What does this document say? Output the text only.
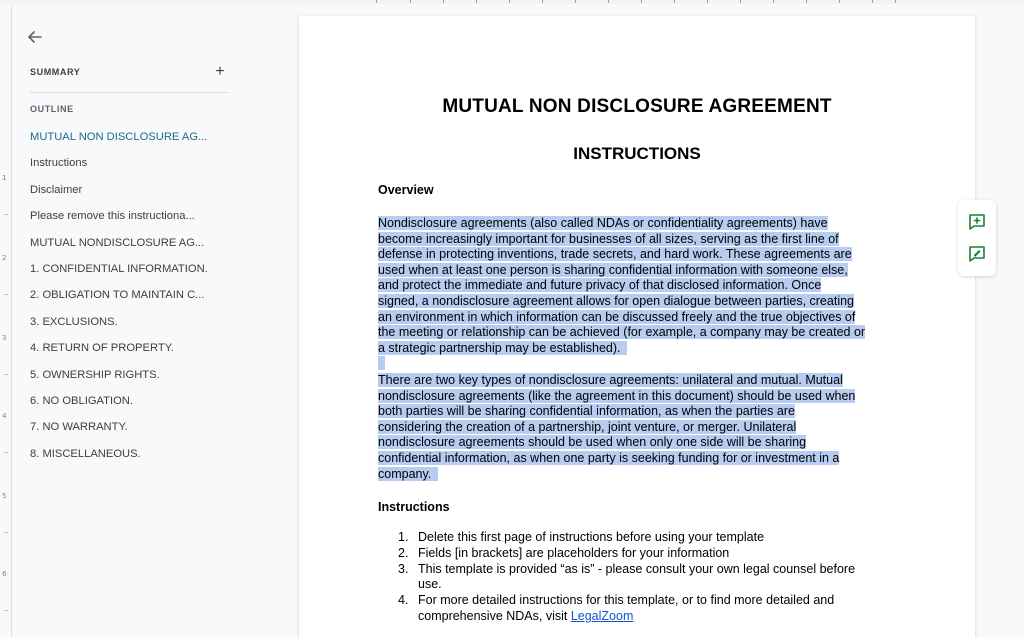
1
2
3
4
5
6
SUMMARY	+
OUTLINE
MUTUAL NON DISCLOSURE AG...
Instructions
Disclaimer
Please remove this instructiona...
MUTUAL NONDISCLOSURE AG...
1. CONFIDENTIAL INFORMATION.
2. OBLIGATION TO MAINTAIN C...
3. EXCLUSIONS.
4. RETURN OF PROPERTY.
5. OWNERSHIP RIGHTS.
6. NO OBLIGATION.
7. NO WARRANTY.
8. MISCELLANEOUS.
MUTUAL NON DISCLOSURE AGREEMENT
INSTRUCTIONS
Overview
Nondisclosure agreements (also called NDAs or confidentiality agreements) have
become increasingly important for businesses of all sizes, serving as the first line of
defense in protecting inventions, trade secrets, and hard work. These agreements are
used when at least one person is sharing confidential information with someone else,
and protect the immediate and future privacy of that disclosed information. Once
signed, a nondisclosure agreement allows for open dialogue between parties, creating
an environment in which information can be discussed freely and the true objectives of
the meeting or relationship can be achieved (for example, a company may be created or
a strategic partnership may be established).

There are two key types of nondisclosure agreements: unilateral and mutual. Mutual
nondisclosure agreements (like the agreement in this document) should be used when
both parties will be sharing confidential information, as when the parties are
considering the creation of a partnership, joint venture, or merger. Unilateral
nondisclosure agreements should be used when only one side will be sharing
confidential information, as when one party is seeking funding for or investment in a
company.
Instructions
1. Delete this first page of instructions before using your template
2. Fields [in brackets] are placeholders for your information
3. This template is provided “as is” - please consult your own legal counsel before use.
4. For more detailed instructions for this template, or to find more detailed and comprehensive NDAs, visit LegalZoom
